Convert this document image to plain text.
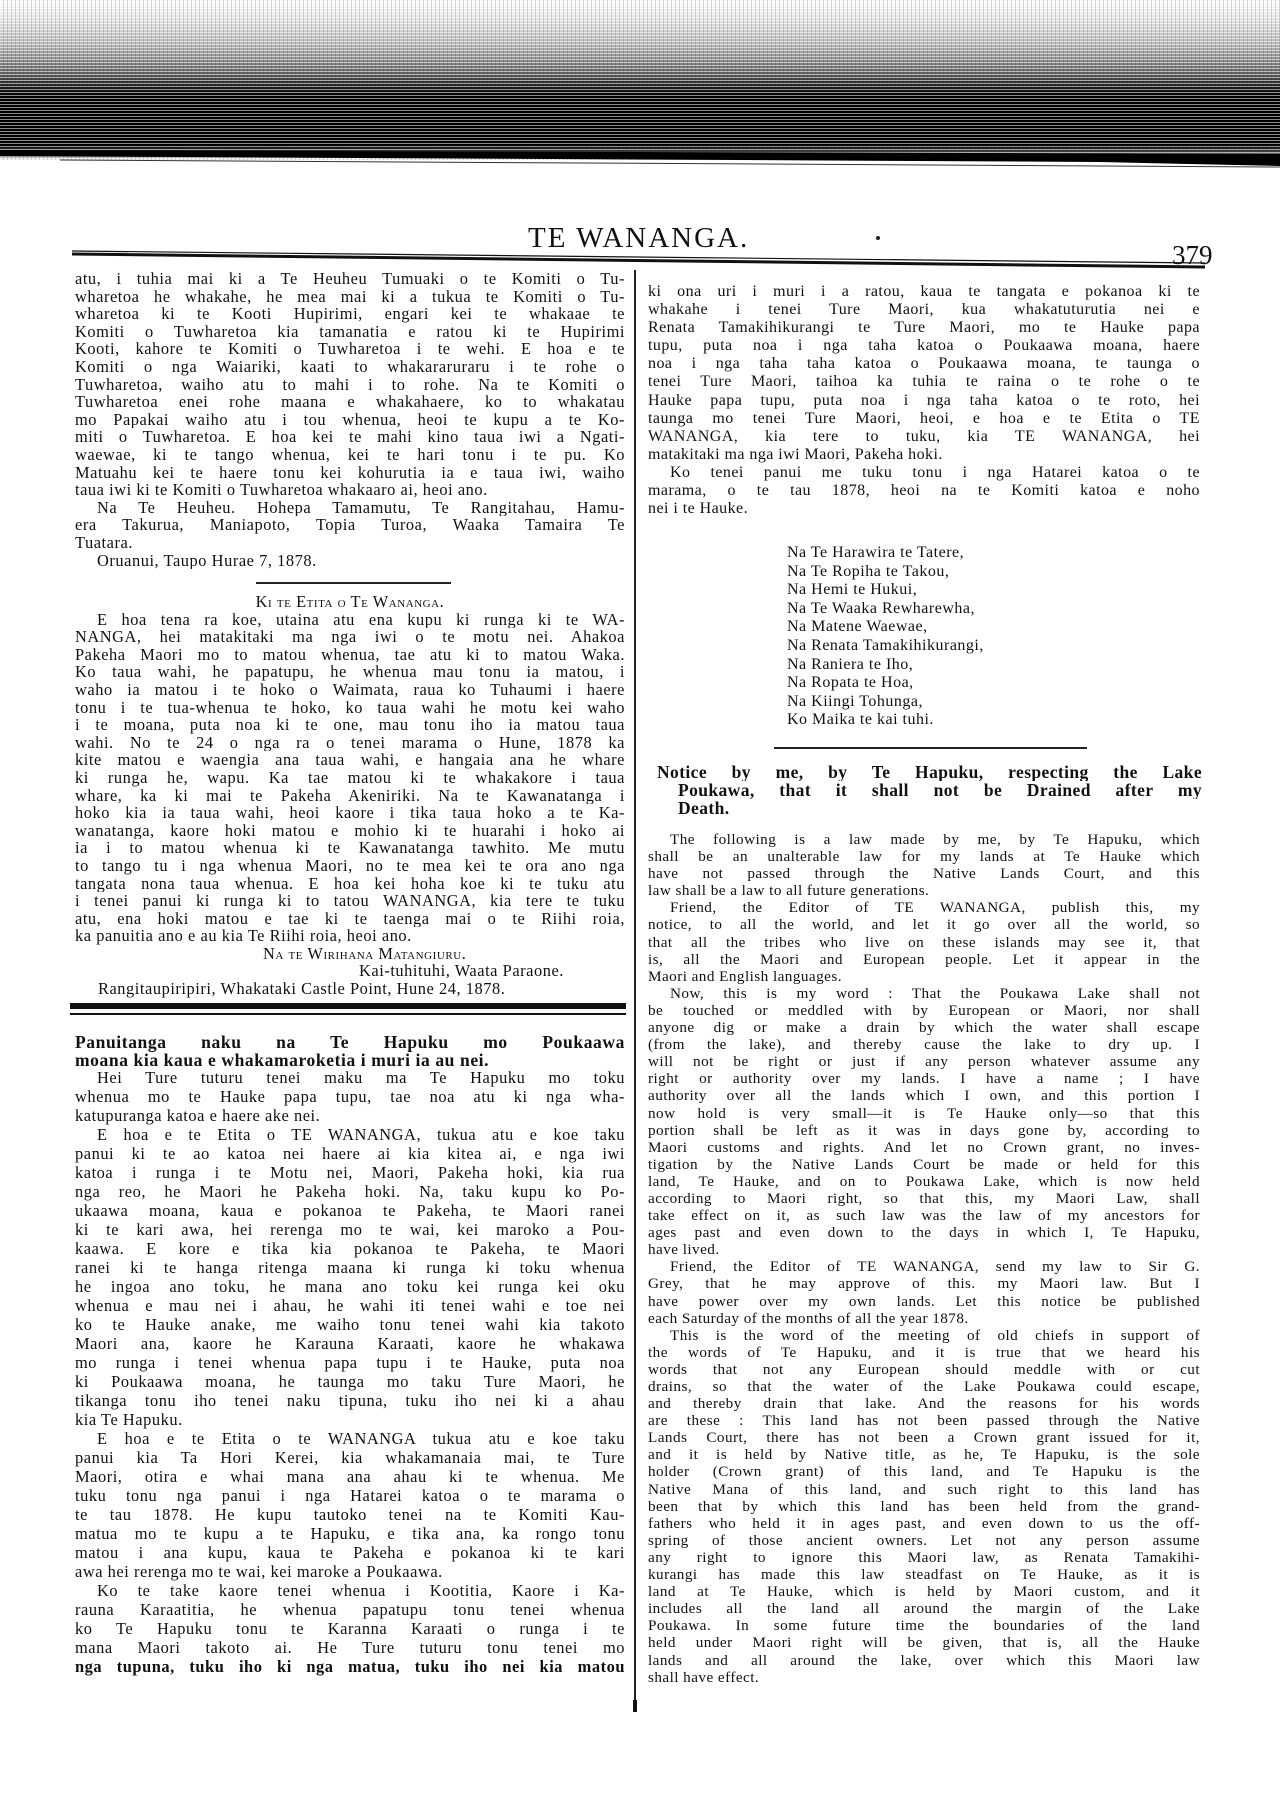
TE WANANGA.
379
atu, i tuhia mai ki a Te Heuheu Tumuaki o te Komiti o Tu-
wharetoa he whakahe, he mea mai ki a tukua te Komiti o Tu-
wharetoa ki te Kooti Hupirimi, engari kei te whakaae te
Komiti o Tuwharetoa kia tamanatia e ratou ki te Hupirimi
Kooti, kahore te Komiti o Tuwharetoa i te wehi. E hoa e te
Komiti o nga Waiariki, kaati to whakararuraru i te rohe o
Tuwharetoa, waiho atu to mahi i to rohe. Na te Komiti o
Tuwharetoa enei rohe maana e whakahaere, ko to whakatau
mo Papakai waiho atu i tou whenua, heoi te kupu a te Ko-
miti o Tuwharetoa. E hoa kei te mahi kino taua iwi a Ngati-
waewae, ki te tango whenua, kei te hari tonu i te pu. Ko
Matuahu kei te haere tonu kei kohurutia ia e taua iwi, waiho
taua iwi ki te Komiti o Tuwharetoa whakaaro ai, heoi ano.
Na Te Heuheu. Hohepa Tamamutu, Te Rangitahau, Hamu-
era Takurua, Maniapoto, Topia Turoa, Waaka Tamaira Te
Tuatara.
Oruanui, Taupo Hurae 7, 1878.
Ki te Etita o Te Wananga.
E hoa tena ra koe, utaina atu ena kupu ki runga ki te WA-
NANGA, hei matakitaki ma nga iwi o te motu nei. Ahakoa
Pakeha Maori mo to matou whenua, tae atu ki to matou Waka.
Ko taua wahi, he papatupu, he whenua mau tonu ia matou, i
waho ia matou i te hoko o Waimata, raua ko Tuhaumi i haere
tonu i te tua-whenua te hoko, ko taua wahi he motu kei waho
i te moana, puta noa ki te one, mau tonu iho ia matou taua
wahi. No te 24 o nga ra o tenei marama o Hune, 1878 ka
kite matou e waengia ana taua wahi, e hangaia ana he whare
ki runga he, wapu. Ka tae matou ki te whakakore i taua
whare, ka ki mai te Pakeha Akeniriki. Na te Kawanatanga i
hoko kia ia taua wahi, heoi kaore i tika taua hoko a te Ka-
wanatanga, kaore hoki matou e mohio ki te huarahi i hoko ai
ia i to matou whenua ki te Kawanatanga tawhito. Me mutu
to tango tu i nga whenua Maori, no te mea kei te ora ano nga
tangata nona taua whenua. E hoa kei hoha koe ki te tuku atu
i tenei panui ki runga ki to tatou WANANGA, kia tere te tuku
atu, ena hoki matou e tae ki te taenga mai o te Riihi roia,
ka panuitia ano e au kia Te Riihi roia, heoi ano.
Na te Wirihana Matangiuru.
Kai-tuhituhi, Waata Paraone.
Rangitaupiripiri, Whakataki Castle Point, Hune 24, 1878.
Panuitanga naku na Te Hapuku mo Poukaawa
moana kia kaua e whakamaroketia i muri ia au nei.
Hei Ture tuturu tenei maku ma Te Hapuku mo toku
whenua mo te Hauke papa tupu, tae noa atu ki nga wha-
katupuranga katoa e haere ake nei.
E hoa e te Etita o TE WANANGA, tukua atu e koe taku
panui ki te ao katoa nei haere ai kia kitea ai, e nga iwi
katoa i runga i te Motu nei, Maori, Pakeha hoki, kia rua
nga reo, he Maori he Pakeha hoki. Na, taku kupu ko Po-
ukaawa moana, kaua e pokanoa te Pakeha, te Maori ranei
ki te kari awa, hei rerenga mo te wai, kei maroko a Pou-
kaawa. E kore e tika kia pokanoa te Pakeha, te Maori
ranei ki te hanga ritenga maana ki runga ki toku whenua
he ingoa ano toku, he mana ano toku kei runga kei oku
whenua e mau nei i ahau, he wahi iti tenei wahi e toe nei
ko te Hauke anake, me waiho tonu tenei wahi kia takoto
Maori ana, kaore he Karauna Karaati, kaore he whakawa
mo runga i tenei whenua papa tupu i te Hauke, puta noa
ki Poukaawa moana, he taunga mo taku Ture Maori, he
tikanga tonu iho tenei naku tipuna, tuku iho nei ki a ahau
kia Te Hapuku.
E hoa e te Etita o te WANANGA tukua atu e koe taku
panui kia Ta Hori Kerei, kia whakamanaia mai, te Ture
Maori, otira e whai mana ana ahau ki te whenua. Me
tuku tonu nga panui i nga Hatarei katoa o te marama o
te tau 1878. He kupu tautoko tenei na te Komiti Kau-
matua mo te kupu a te Hapuku, e tika ana, ka rongo tonu
matou i ana kupu, kaua te Pakeha e pokanoa ki te kari
awa hei rerenga mo te wai, kei maroke a Poukaawa.
Ko te take kaore tenei whenua i Kootitia, Kaore i Ka-
rauna Karaatitia, he whenua papatupu tonu tenei whenua
ko Te Hapuku tonu te Karanna Karaati o runga i te
mana Maori takoto ai. He Ture tuturu tonu tenei mo
nga tupuna, tuku iho ki nga matua, tuku iho nei kia matou
ki ona uri i muri i a ratou, kaua te tangata e pokanoa ki te
whakahe i tenei Ture Maori, kua whakatuturutia nei e
Renata Tamakihikurangi te Ture Maori, mo te Hauke papa
tupu, puta noa i nga taha katoa o Poukaawa moana, haere
noa i nga taha taha katoa o Poukaawa moana, te taunga o
tenei Ture Maori, taihoa ka tuhia te raina o te rohe o te
Hauke papa tupu, puta noa i nga taha katoa o te roto, hei
taunga mo tenei Ture Maori, heoi, e hoa e te Etita o TE
WANANGA, kia tere to tuku, kia TE WANANGA, hei
matakitaki ma nga iwi Maori, Pakeha hoki.
Ko tenei panui me tuku tonu i nga Hatarei katoa o te
marama, o te tau 1878, heoi na te Komiti katoa e noho
nei i te Hauke.
Na Te Harawira te Tatere,
Na Te Ropiha te Takou,
Na Hemi te Hukui,
Na Te Waaka Rewharewha,
Na Matene Waewae,
Na Renata Tamakihikurangi,
Na Raniera te Iho,
Na Ropata te Hoa,
Na Kiingi Tohunga,
Ko Maika te kai tuhi.
Notice by me, by Te Hapuku, respecting the Lake
Poukawa, that it shall not be Drained after my
Death.
The following is a law made by me, by Te Hapuku, which
shall be an unalterable law for my lands at Te Hauke which
have not passed through the Native Lands Court, and this
law shall be a law to all future generations.
Friend, the Editor of TE WANANGA, publish this, my
notice, to all the world, and let it go over all the world, so
that all the tribes who live on these islands may see it, that
is, all the Maori and European people. Let it appear in the
Maori and English languages.
Now, this is my word : That the Poukawa Lake shall not
be touched or meddled with by European or Maori, nor shall
anyone dig or make a drain by which the water shall escape
(from the lake), and thereby cause the lake to dry up. I
will not be right or just if any person whatever assume any
right or authority over my lands. I have a name ; I have
authority over all the lands which I own, and this portion I
now hold is very small—it is Te Hauke only—so that this
portion shall be left as it was in days gone by, according to
Maori customs and rights. And let no Crown grant, no inves-
tigation by the Native Lands Court be made or held for this
land, Te Hauke, and on to Poukawa Lake, which is now held
according to Maori right, so that this, my Maori Law, shall
take effect on it, as such law was the law of my ancestors for
ages past and even down to the days in which I, Te Hapuku,
have lived.
Friend, the Editor of TE WANANGA, send my law to Sir G.
Grey, that he may approve of this. my Maori law. But I
have power over my own lands. Let this notice be published
each Saturday of the months of all the year 1878.
This is the word of the meeting of old chiefs in support of
the words of Te Hapuku, and it is true that we heard his
words that not any European should meddle with or cut
drains, so that the water of the Lake Poukawa could escape,
and thereby drain that lake. And the reasons for his words
are these : This land has not been passed through the Native
Lands Court, there has not been a Crown grant issued for it,
and it is held by Native title, as he, Te Hapuku, is the sole
holder (Crown grant) of this land, and Te Hapuku is the
Native Mana of this land, and such right to this land has
been that by which this land has been held from the grand-
fathers who held it in ages past, and even down to us the off-
spring of those ancient owners. Let not any person assume
any right to ignore this Maori law, as Renata Tamakihi-
kurangi has made this law steadfast on Te Hauke, as it is
land at Te Hauke, which is held by Maori custom, and it
includes all the land all around the margin of the Lake
Poukawa. In some future time the boundaries of the land
held under Maori right will be given, that is, all the Hauke
lands and all around the lake, over which this Maori law
shall have effect.
